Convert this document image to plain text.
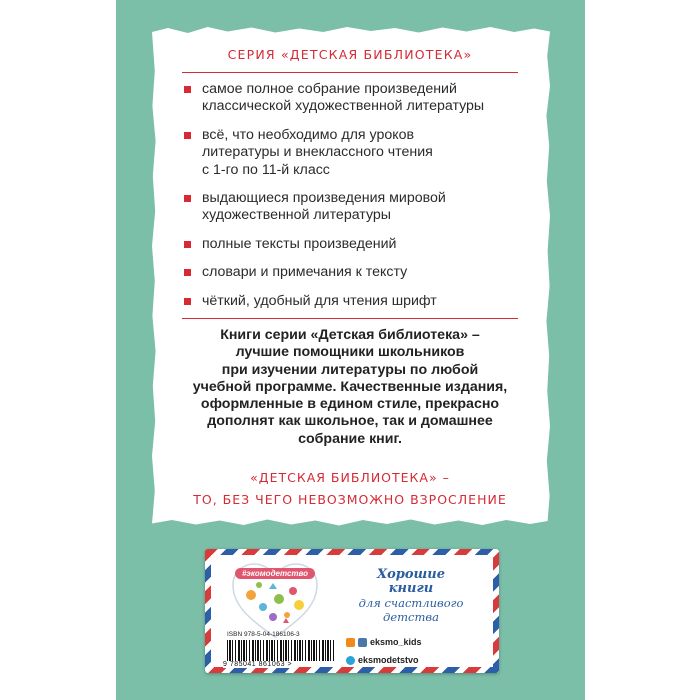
СЕРИЯ «ДЕТСКАЯ БИБЛИОТЕКА»
самое полное собрание произведений
классической художественной литературы
всё, что необходимо для уроков
литературы и внеклассного чтения
с 1-го по 11-й класс
выдающиеся произведения мировой
художественной литературы
полные тексты произведений
словари и примечания к тексту
чёткий, удобный для чтения шрифт
Книги серии «Детская библиотека» –
лучшие помощники школьников
при изучении литературы по любой
учебной программе. Качественные издания,
оформленные в едином стиле, прекрасно
дополнят как школьное, так и домашнее
собрание книг.
«ДЕТСКАЯ БИБЛИОТЕКА» –
ТО, БЕЗ ЧЕГО НЕВОЗМОЖНО ВЗРОСЛЕНИЕ
#экомодетство	Хорошие
книги
для счастливого
детства
ISBN 978-5-04-186106-3
9 785041 861063 >
eksmo_kids
eksmodetstvo
